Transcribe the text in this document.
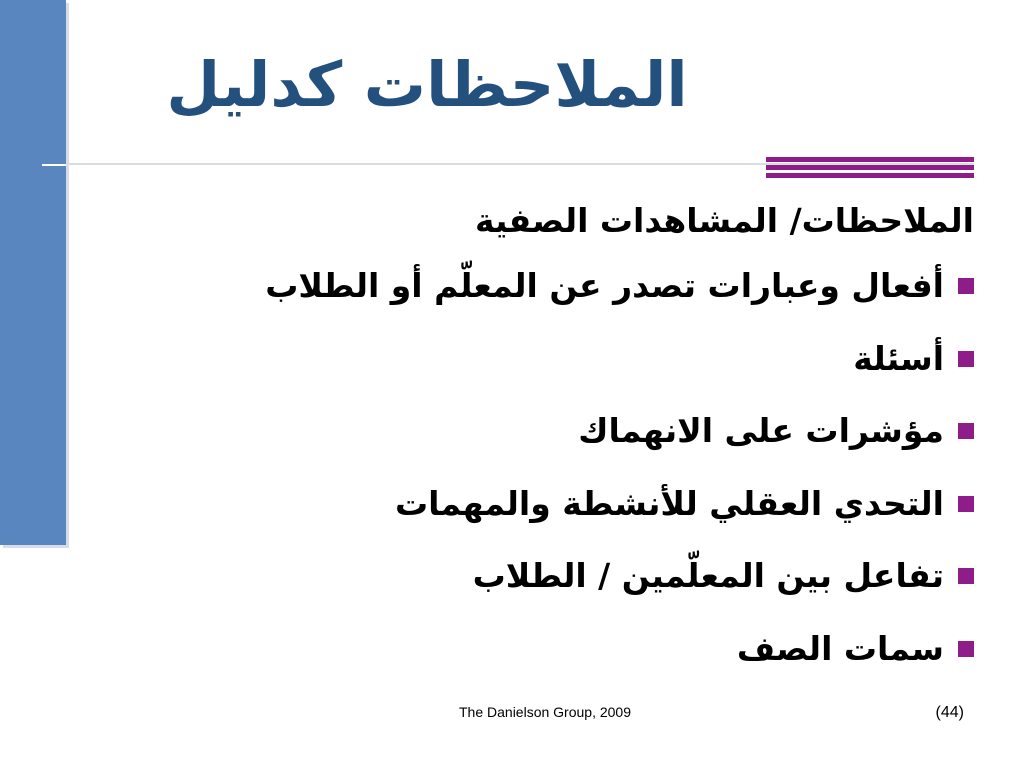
الملاحظات كدليل
الملاحظات/ المشاهدات الصفية
أفعال وعبارات تصدر عن المعلّم أو الطلاب
أسئلة
مؤشرات على الانهماك
التحدي العقلي للأنشطة والمهمات
تفاعل بين المعلّمين / الطلاب
سمات الصف
The Danielson Group, 2009	(44)
